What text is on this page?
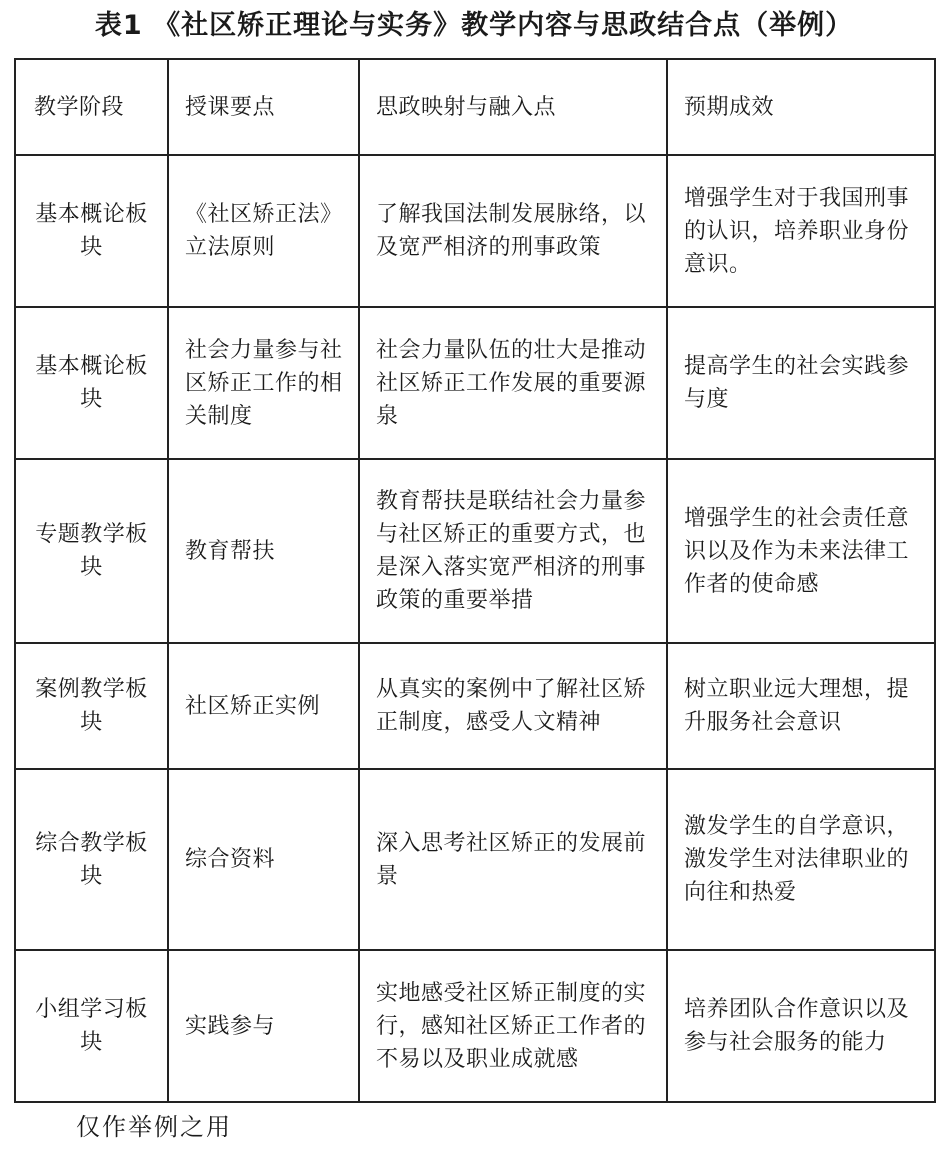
表1 《社区矫正理论与实务》教学内容与思政结合点（举例）
教学阶段	授课要点	思政映射与融入点	预期成效
基本概论板块	《社区矫正法》立法原则	了解我国法制发展脉络，以及宽严相济的刑事政策	增强学生对于我国刑事的认识，培养职业身份意识。
基本概论板块	社会力量参与社区矫正工作的相关制度	社会力量队伍的壮大是推动社区矫正工作发展的重要源泉	提高学生的社会实践参与度
专题教学板块	教育帮扶	教育帮扶是联结社会力量参与社区矫正的重要方式，也是深入落实宽严相济的刑事政策的重要举措	增强学生的社会责任意识以及作为未来法律工作者的使命感
案例教学板块	社区矫正实例	从真实的案例中了解社区矫正制度，感受人文精神	树立职业远大理想，提升服务社会意识
综合教学板块	综合资料	深入思考社区矫正的发展前景	激发学生的自学意识，激发学生对法律职业的向往和热爱
小组学习板块	实践参与	实地感受社区矫正制度的实行，感知社区矫正工作者的不易以及职业成就感	培养团队合作意识以及参与社会服务的能力
仅作举例之用
